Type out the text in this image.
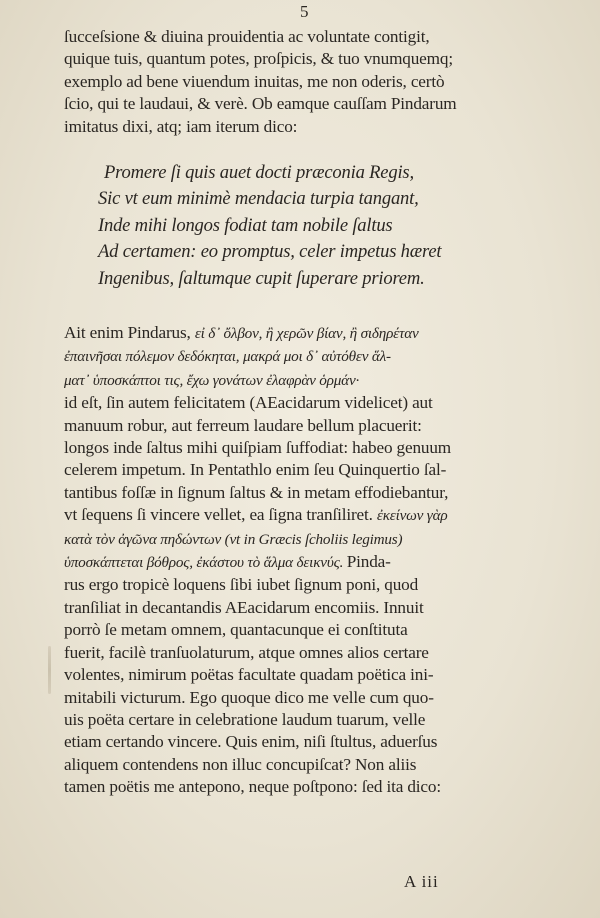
5
ſucceſsione & diuina prouidentia ac voluntate contigit,
quique tuis, quantum potes, proſpicis, & tuo vnumquemq;
exemplo ad bene viuendum inuitas, me non oderis, certò
ſcio, qui te laudaui, & verè. Ob eamque cauſſam Pindarum
imitatus dixi, atq; iam iterum dico:
Promere ſi quis auet docti præconia Regis,
Sic vt eum minimè mendacia turpia tangant,
Inde mihi longos fodiat tam nobile ſaltus
Ad certamen: eo promptus, celer impetus hæret
Ingenibus, ſaltumque cupit ſuperare priorem.
Ait enim Pindarus, εἰ δ᾽ ὄλβον, ἢ χερῶν βίαν, ἢ σιδηρέταν
ἐπαινῆσαι πόλεμον δεδόκηται, μακρά μοι δ᾽ αὐτόθεν ἅλ-
ματ᾽ ὑποσκάπτοι τις, ἔχω γονάτων ἐλαφρὰν ὁρμάν·
id eſt, ſin autem felicitatem (AEacidarum videlicet) aut
manuum robur, aut ferreum laudare bellum placuerit:
longos inde ſaltus mihi quiſpiam ſuffodiat: habeo genuum
celerem impetum. In Pentathlo enim ſeu Quinquertio ſal-
tantibus foſſæ in ſignum ſaltus & in metam effodiebantur,
vt ſequens ſi vincere vellet, ea ſigna tranſiliret. ἐκείνων γὰρ
κατὰ τὸν ἀγῶνα πηδώντων (vt in Græcis ſcholiis legimus)
ὑποσκάπτεται βόθρος, ἐκάστου τὸ ἅλμα δεικνύς. Pinda-
rus ergo tropicè loquens ſibi iubet ſignum poni, quod
tranſiliat in decantandis AEacidarum encomiis. Innuit
porrò ſe metam omnem, quantacunque ei conſtituta
fuerit, facilè tranſuolaturum, atque omnes alios certare
volentes, nimirum poëtas facultate quadam poëtica ini-
mitabili victurum. Ego quoque dico me velle cum quo-
uis poëta certare in celebratione laudum tuarum, velle
etiam certando vincere. Quis enim, niſi ſtultus, aduerſus
aliquem contendens non illuc concupiſcat? Non aliis
tamen poëtis me antepono, neque poſtpono: ſed ita dico:
A iii
